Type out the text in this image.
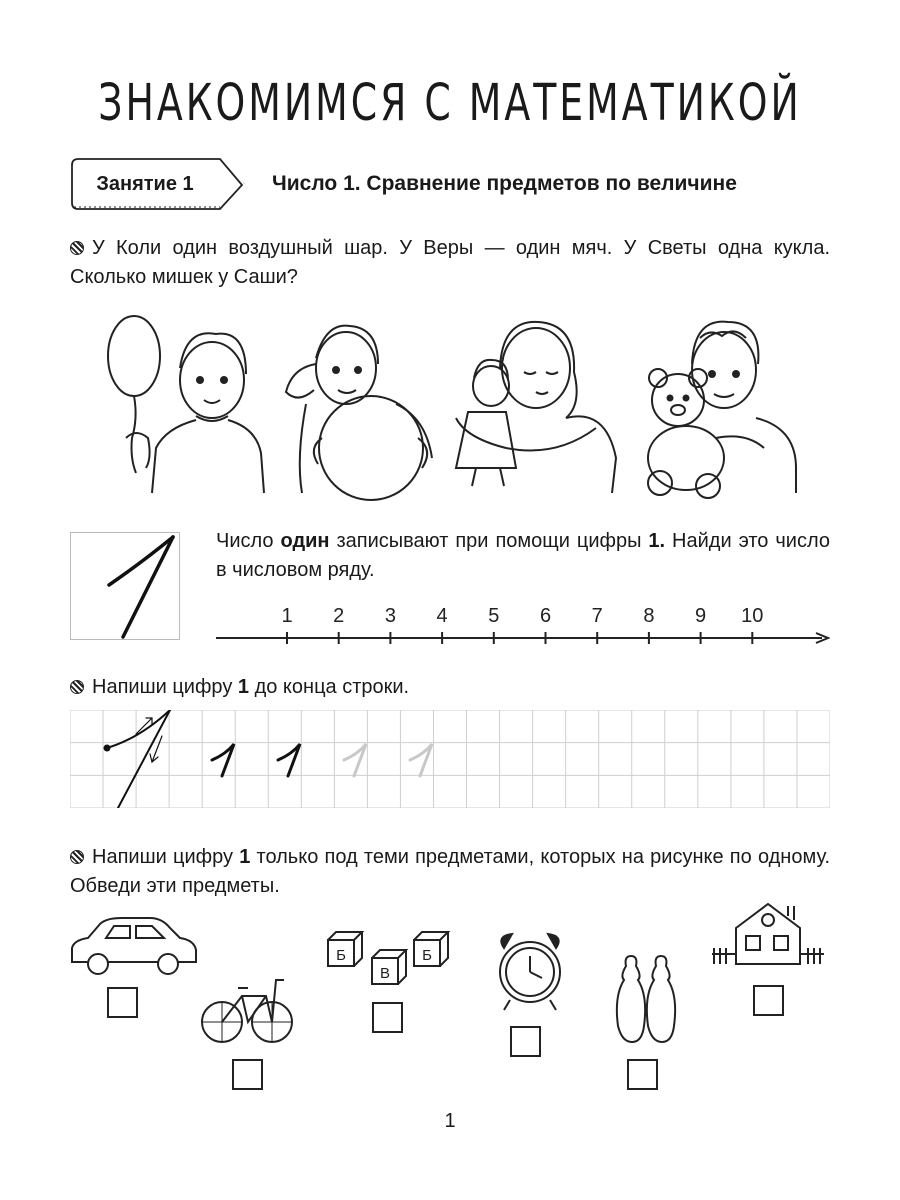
ЗНАКОМИМСЯ С МАТЕМАТИКОЙ
Занятие 1	Число 1. Сравнение предметов по величине
У Коли один воздушный шар. У Веры — один мяч. У Светы одна кукла. Сколько мишек у Саши?
Число один записывают при помощи цифры 1. Найди это число в числовом ряду.
1 2 3 4 5 6 7 8 9 10
Напиши цифру 1 до конца строки.
Напиши цифру 1 только под теми предметами, которых на рисунке по одному. Обведи эти предметы.
Б
В
Б
1
